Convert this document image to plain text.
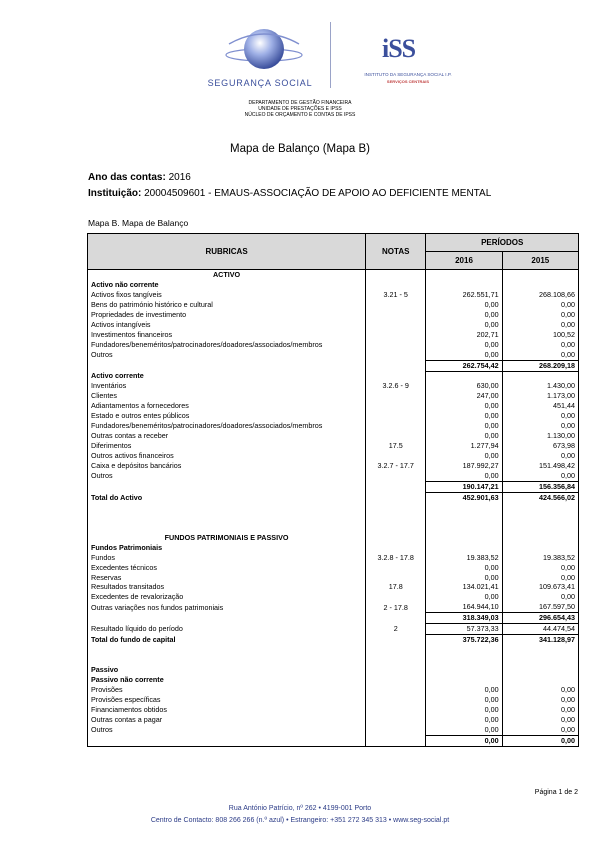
SEGURANÇA SOCIAL
iSS
INSTITUTO DA SEGURANÇA SOCIAL I.P.
SERVIÇOS CENTRAIS
DEPARTAMENTO DE GESTÃO FINANCEIRA
UNIDADE DE PRESTAÇÕES E IPSS
NÚCLEO DE ORÇAMENTO E CONTAS DE IPSS
Mapa de Balanço (Mapa B)
Ano das contas: 2016
Instituição: 20004509601 - EMAUS-ASSOCIAÇÃO DE APOIO AO DEFICIENTE MENTAL
Mapa B. Mapa de Balanço
RUBRICAS	NOTAS	PERÍODOS	
		2016	2015
ACTIVO			
Activo não corrente			
Activos fixos tangíveis	3.21 - 5	262.551,71	268.108,66
Bens do património histórico e cultural		0,00	0,00
Propriedades de investimento		0,00	0,00
Activos intangíveis		0,00	0,00
Investimentos financeiros		202,71	100,52
Fundadores/beneméritos/patrocinadores/doadores/associados/membros		0,00	0,00
Outros		0,00	0,00
		262.754,42	268.209,18
Activo corrente			
Inventários	3.2.6 - 9	630,00	1.430,00
Clientes		247,00	1.173,00
Adiantamentos a fornecedores		0,00	451,44
Estado e outros entes públicos		0,00	0,00
Fundadores/beneméritos/patrocinadores/doadores/associados/membros		0,00	0,00
Outras contas a receber		0,00	1.130,00
Diferimentos	17.5	1.277,94	673,98
Outros activos financeiros		0,00	0,00
Caixa e depósitos bancários	3.2.7 - 17.7	187.992,27	151.498,42
Outros		0,00	0,00
		190.147,21	156.356,84
Total do Activo		452.901,63	424.566,02

FUNDOS PATRIMONIAIS E PASSIVO			
Fundos Patrimoniais			
Fundos	3.2.8 - 17.8	19.383,52	19.383,52
Excedentes técnicos		0,00	0,00
Reservas		0,00	0,00
Resultados transitados	17.8	134.021,41	109.673,41
Excedentes de revalorização		0,00	0,00
Outras variações nos fundos patrimoniais	2 - 17.8	164.944,10	167.597,50
		318.349,03	296.654,43
Resultado líquido do período	2	57.373,33	44.474,54
Total do fundo de capital		375.722,36	341.128,97

Passivo			
Passivo não corrente			
Provisões		0,00	0,00
Provisões específicas		0,00	0,00
Financiamentos obtidos		0,00	0,00
Outras contas a pagar		0,00	0,00
Outros		0,00	0,00
		0,00	0,00
Página 1 de 2
Rua António Patrício, nº 262 • 4199-001 Porto
Centro de Contacto: 808 266 266 (n.º azul) • Estrangeiro: +351 272 345 313 • www.seg-social.pt
